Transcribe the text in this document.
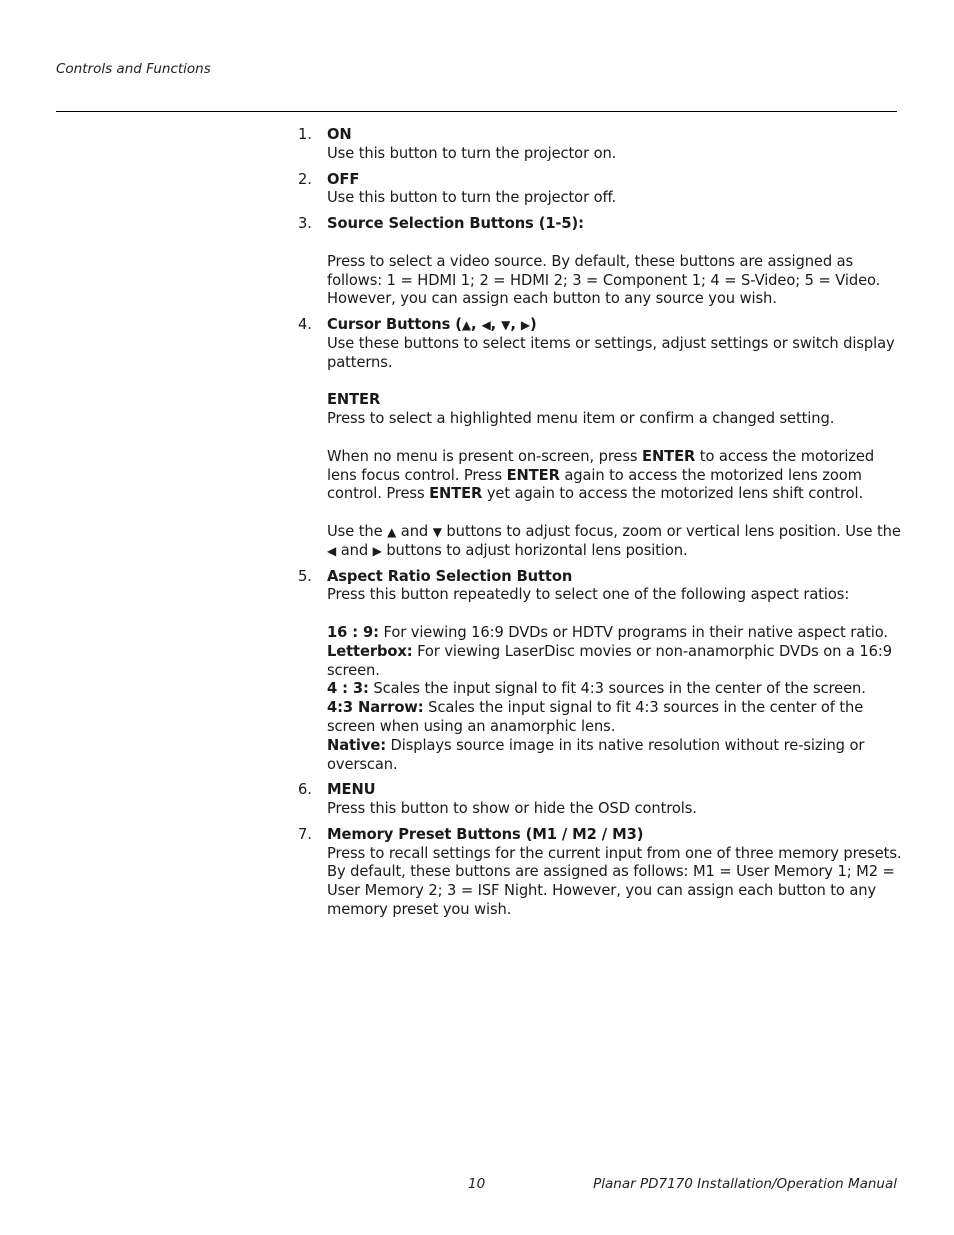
Controls and Functions
1. ON

Use this button to turn the projector on.

2. OFF

Use this button to turn the projector off.

3. Source Selection Buttons (1-5):

Press to select a video source. By default, these buttons are assigned as follows: 1 = HDMI 1; 2 = HDMI 2; 3 = Component 1; 4 = S-Video; 5 = Video. However, you can assign each button to any source you wish.

4. Cursor Buttons (▲, ◀, ▼, ▶)

Use these buttons to select items or settings, adjust settings or switch display patterns.

ENTER

Press to select a highlighted menu item or confirm a changed setting.

When no menu is present on-screen, press ENTER to access the motorized lens focus control. Press ENTER again to access the motorized lens zoom control. Press ENTER yet again to access the motorized lens shift control.

Use the ▲ and ▼ buttons to adjust focus, zoom or vertical lens position. Use the ◀ and ▶ buttons to adjust horizontal lens position.

5. Aspect Ratio Selection Button

Press this button repeatedly to select one of the following aspect ratios:

16 : 9: For viewing 16:9 DVDs or HDTV programs in their native aspect ratio.

Letterbox: For viewing LaserDisc movies or non-anamorphic DVDs on a 16:9 screen.

4 : 3: Scales the input signal to fit 4:3 sources in the center of the screen.

4:3 Narrow: Scales the input signal to fit 4:3 sources in the center of the screen when using an anamorphic lens.

Native: Displays source image in its native resolution without re-sizing or overscan.

6. MENU

Press this button to show or hide the OSD controls.

7. Memory Preset Buttons (M1 / M2 / M3)

Press to recall settings for the current input from one of three memory presets. By default, these buttons are assigned as follows: M1 = User Memory 1; M2 = User Memory 2; 3 = ISF Night. However, you can assign each button to any memory preset you wish.

10	Planar PD7170 Installation/Operation Manual
